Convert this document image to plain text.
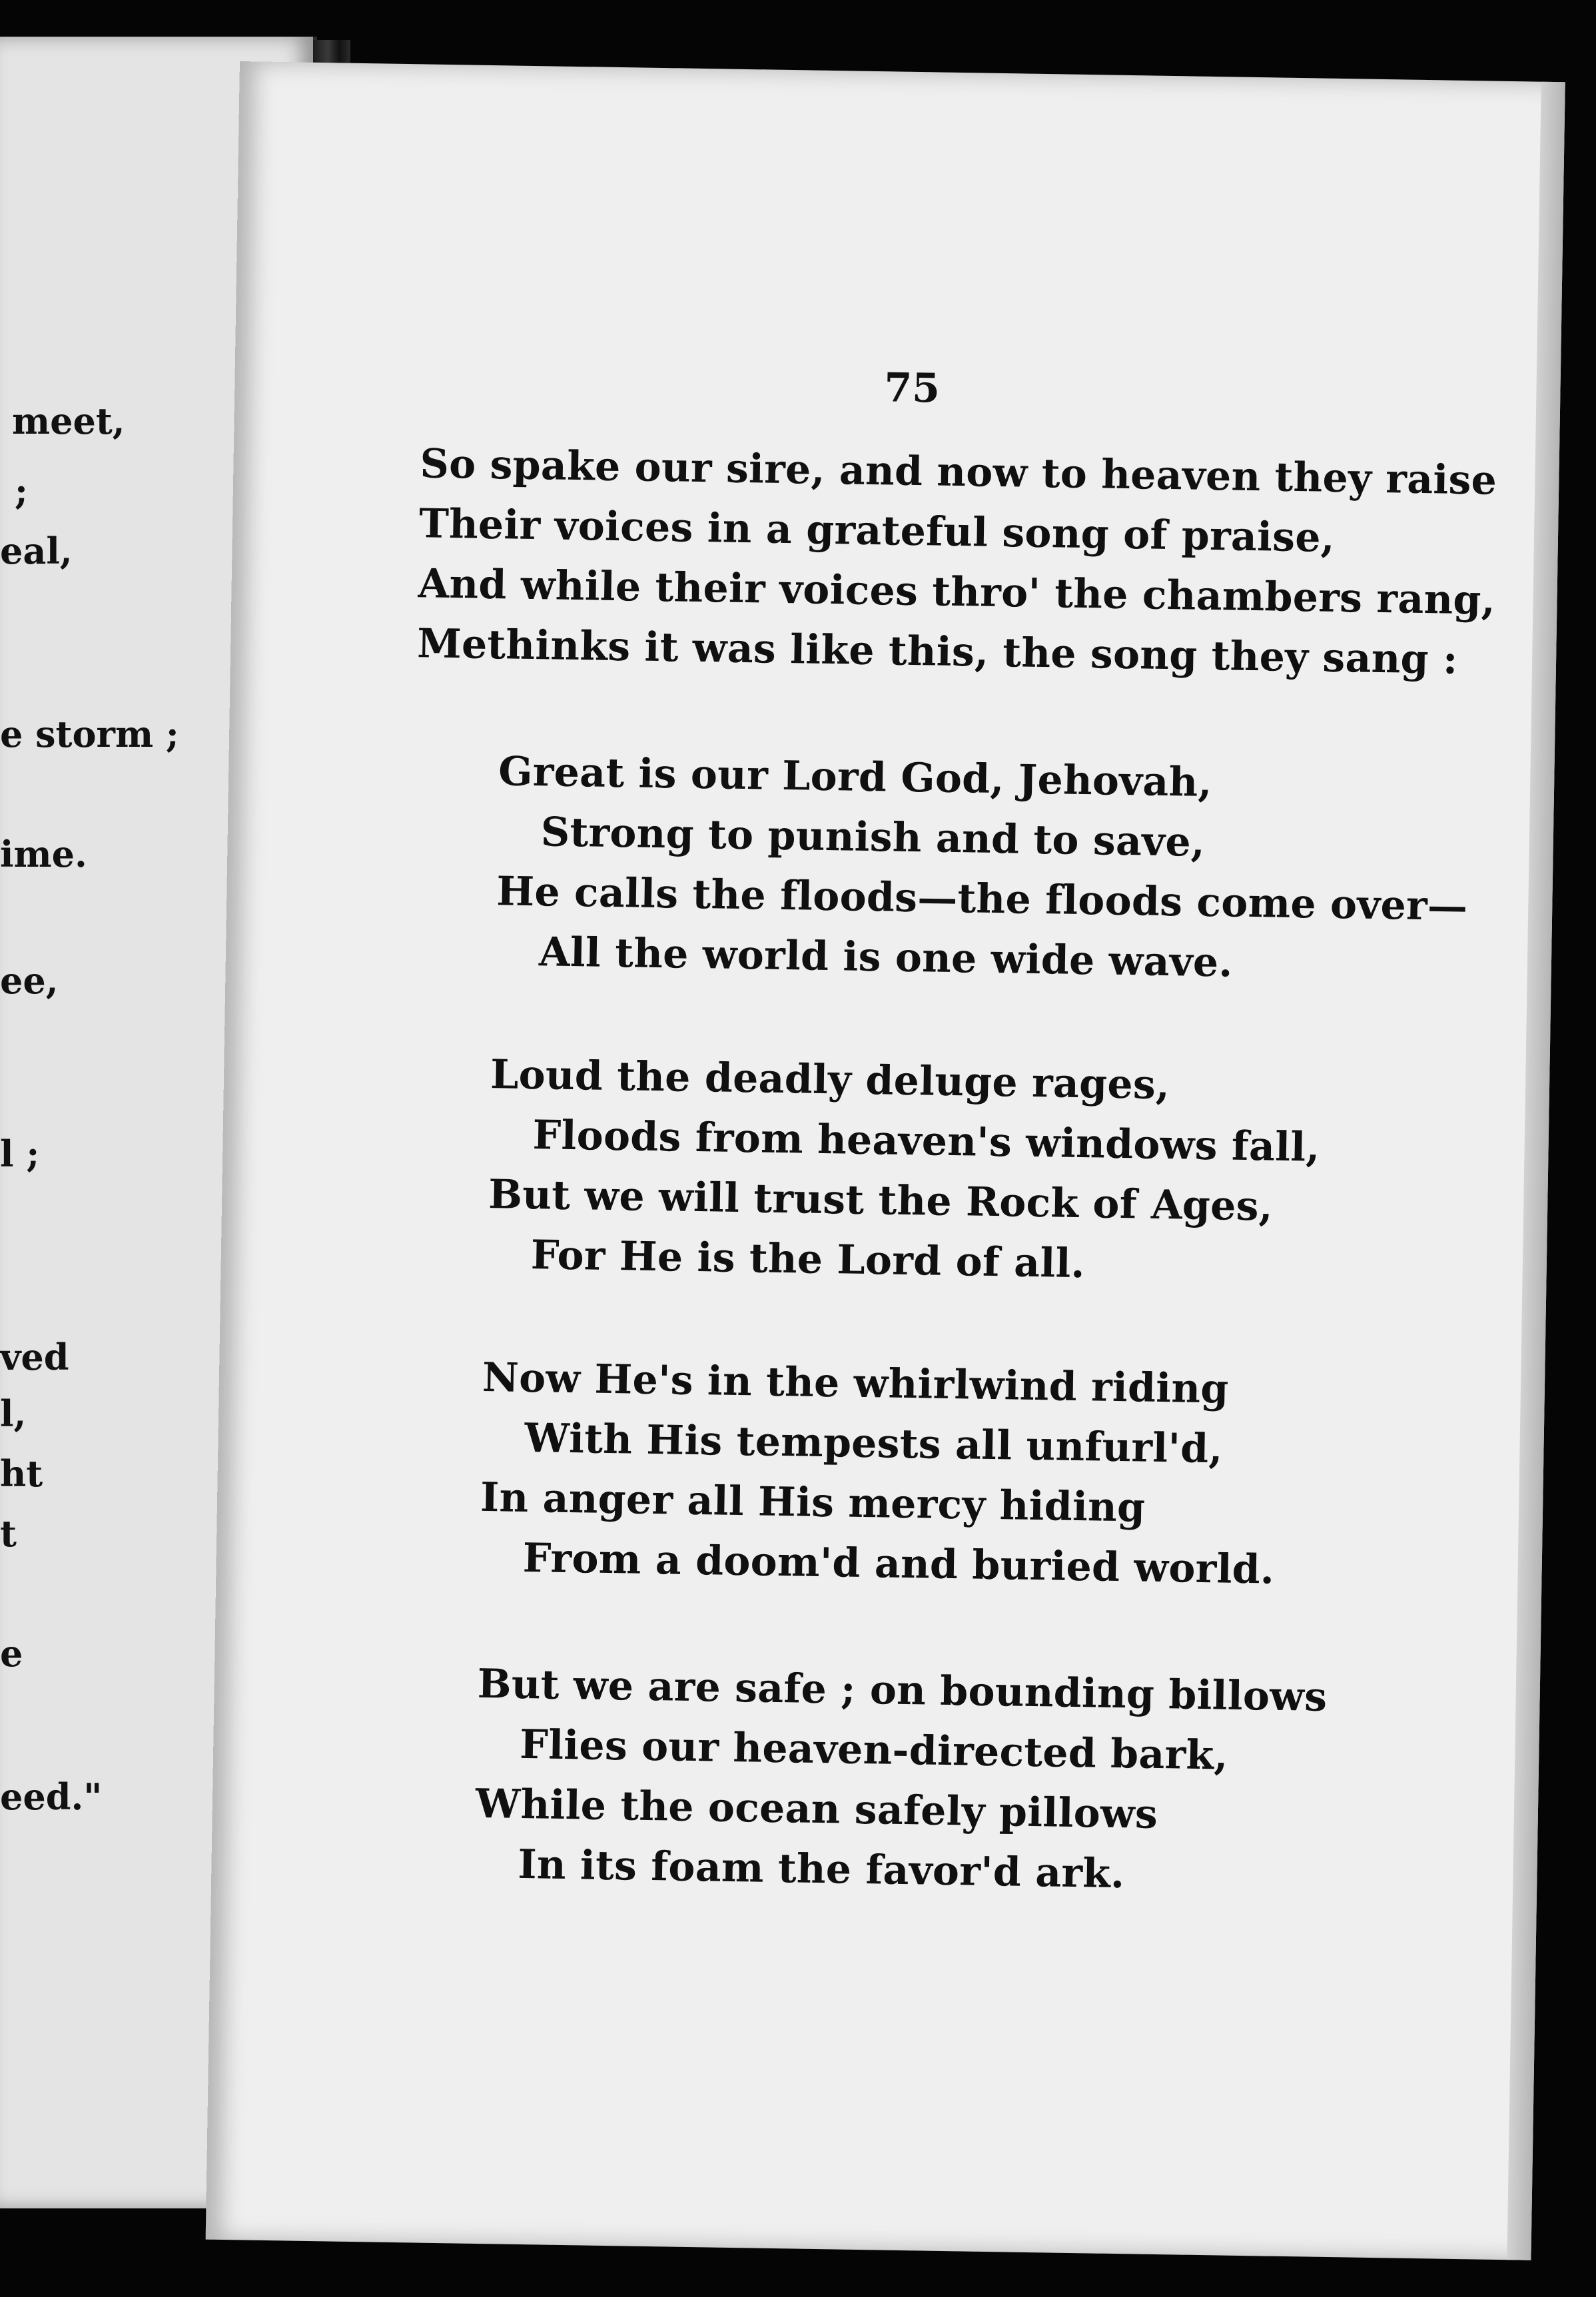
meet,
;
eal,
e storm ;
ime.
ee,
l ;
ved
l,
ht
t
e
eed."
75
So spake our sire, and now to heaven they raise
Their voices in a grateful song of praise,
And while their voices thro' the chambers rang,
Methinks it was like this, the song they sang :
Great is our Lord God, Jehovah,
Strong to punish and to save,
He calls the floods—the floods come over—
All the world is one wide wave.
Loud the deadly deluge rages,
Floods from heaven's windows fall,
But we will trust the Rock of Ages,
For He is the Lord of all.
Now He's in the whirlwind riding
With His tempests all unfurl'd,
In anger all His mercy hiding
From a doom'd and buried world.
But we are safe ; on bounding billows
Flies our heaven-directed bark,
While the ocean safely pillows
In its foam the favor'd ark.
